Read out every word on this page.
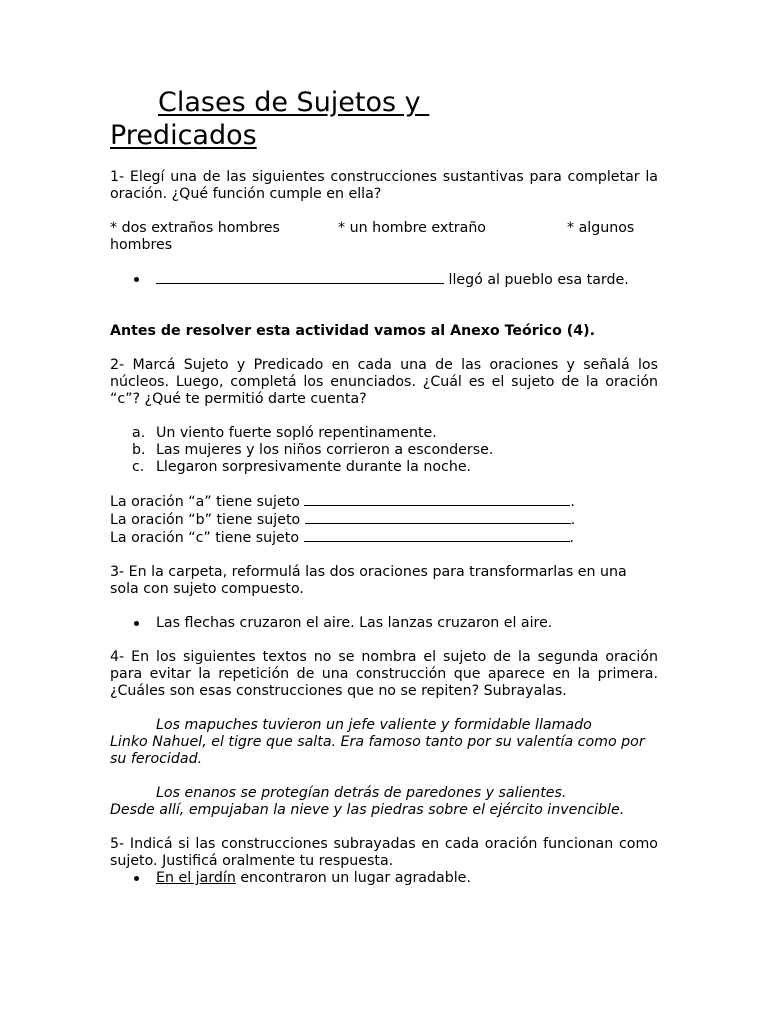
Clases de Sujetos y
Predicados

1- Elegí una de las siguientes construcciones sustantivas para completar la oración. ¿Qué función cumple en ella?

* dos extraños hombres	* un hombre extraño	* algunos

hombres

llegó al pueblo esa tarde.

Antes de resolver esta actividad vamos al Anexo Teórico (4).

2- Marcá Sujeto y Predicado en cada una de las oraciones y señalá los núcleos. Luego, completá los enunciados. ¿Cuál es el sujeto de la oración “c”? ¿Qué te permitió darte cuenta?

a. Un viento fuerte sopló repentinamente.
b. Las mujeres y los niños corrieron a esconderse.
c. Llegaron sorpresivamente durante la noche.

La oración “a” tiene sujeto	.

La oración “b” tiene sujeto	.

La oración “c” tiene sujeto	.

3- En la carpeta, reformulá las dos oraciones para transformarlas en una sola con sujeto compuesto.

Las flechas cruzaron el aire. Las lanzas cruzaron el aire.

4- En los siguientes textos no se nombra el sujeto de la segunda oración para evitar la repetición de una construcción que aparece en la primera. ¿Cuáles son esas construcciones que no se repiten? Subrayalas.

Los mapuches tuvieron un jefe valiente y formidable llamado
Linko Nahuel, el tigre que salta. Era famoso tanto por su valentía como por su ferocidad.

Los enanos se protegían detrás de paredones y salientes.
Desde allí, empujaban la nieve y las piedras sobre el ejército invencible.

5- Indicá si las construcciones subrayadas en cada oración funcionan como sujeto. Justificá oralmente tu respuesta.

En el jardín encontraron un lugar agradable.
